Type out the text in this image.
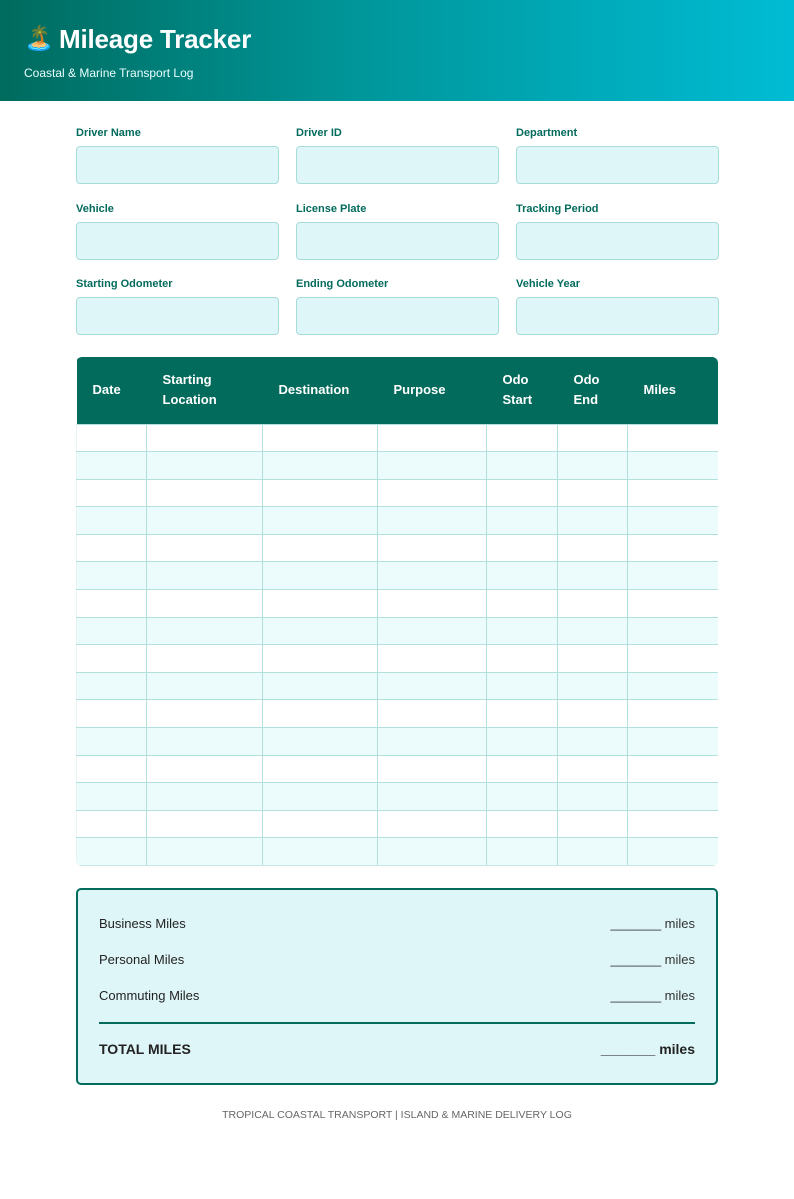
🏝️ Mileage Tracker
Coastal & Marine Transport Log
Driver Name	Driver ID	Department
Vehicle	License Plate	Tracking Period
Starting Odometer	Ending Odometer	Vehicle Year
Date	Starting Location	Destination	Purpose	Odo Start	Odo End	Miles

Business Miles	_______ miles
Personal Miles	_______ miles
Commuting Miles	_______ miles
TOTAL MILES	_______ miles
TROPICAL COASTAL TRANSPORT | ISLAND & MARINE DELIVERY LOG
